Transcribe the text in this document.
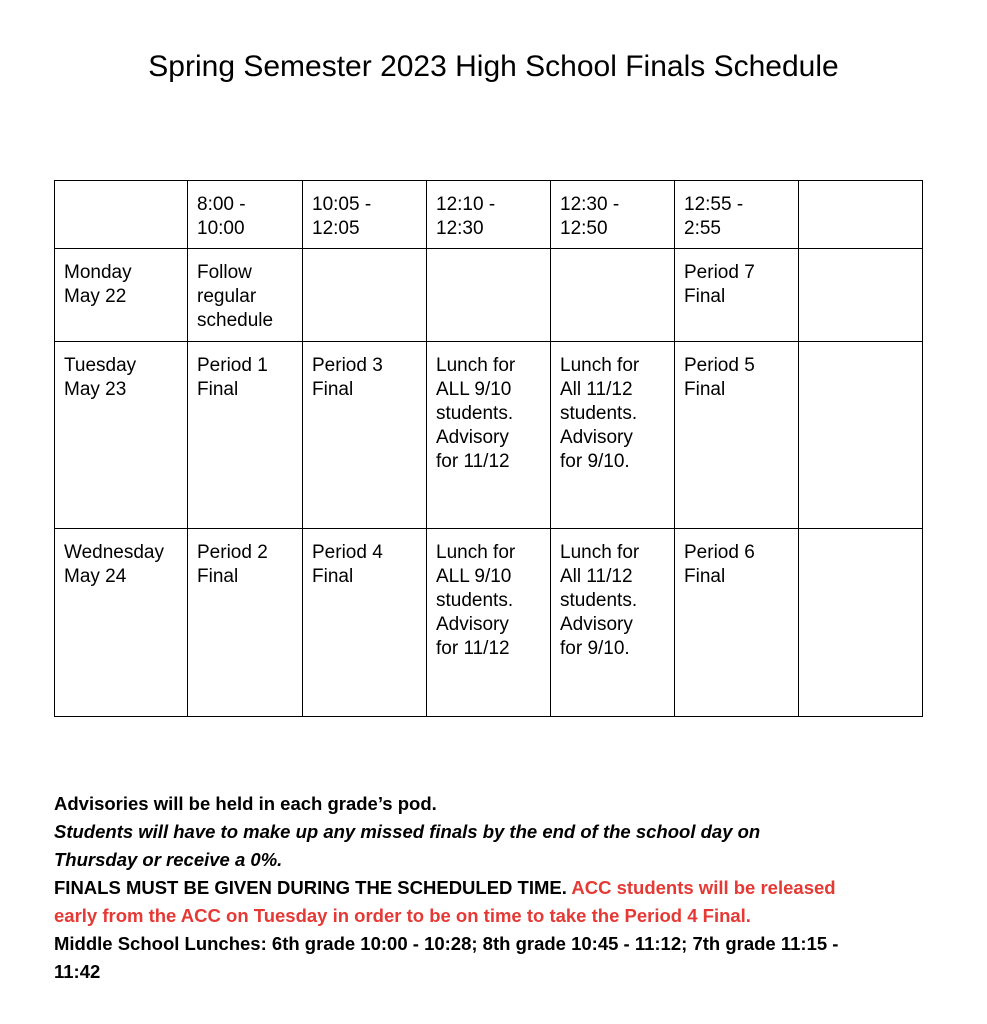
Spring Semester 2023 High School Finals Schedule

	8:00 -
10:00	10:05 -
12:05	12:10 -
12:30	12:30 -
12:50	12:55 -
2:55	

Monday
May 22	Follow
regular
schedule				Period 7
Final	

Tuesday
May 23	Period 1
Final	Period 3
Final	Lunch for
ALL 9/10
students.
Advisory
for 11/12	Lunch for
All 11/12
students.
Advisory
for 9/10.	Period 5
Final	

Wednesday
May 24	Period 2
Final	Period 4
Final	Lunch for
ALL 9/10
students.
Advisory
for 11/12	Lunch for
All 11/12
students.
Advisory
for 9/10.	Period 6
Final	

Advisories will be held in each grade’s pod.

Students will have to make up any missed finals by the end of the school day on

Thursday or receive a 0%.

FINALS MUST BE GIVEN DURING THE SCHEDULED TIME. ACC students will be released

early from the ACC on Tuesday in order to be on time to take the Period 4 Final.

Middle School Lunches: 6th grade 10:00 - 10:28; 8th grade 10:45 - 11:12; 7th grade 11:15 -

11:42
